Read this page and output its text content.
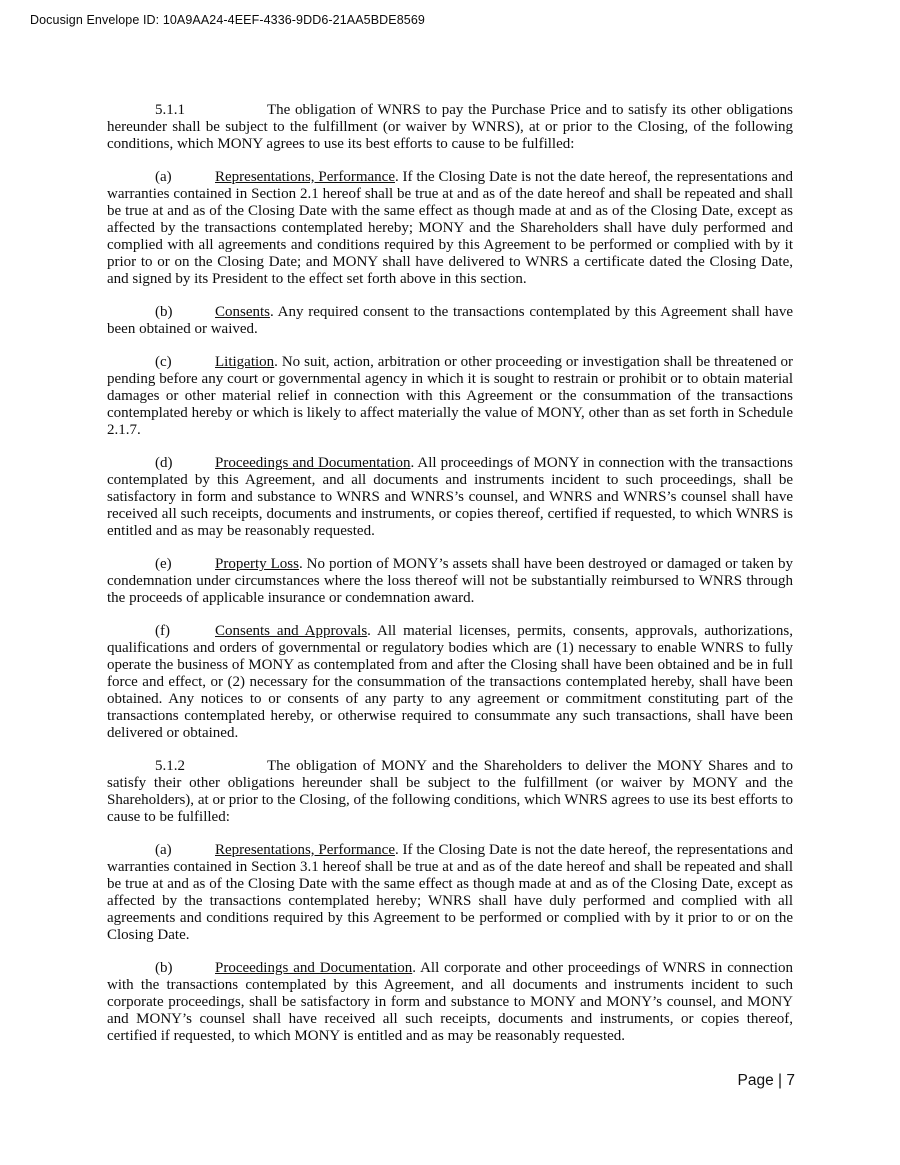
Docusign Envelope ID: 10A9AA24-4EEF-4336-9DD6-21AA5BDE8569

5.1.1	The obligation of WNRS to pay the Purchase Price and to satisfy its other obligations hereunder shall be subject to the fulfillment (or waiver by WNRS), at or prior to the Closing, of the following conditions, which MONY agrees to use its best efforts to cause to be fulfilled:

(a)	Representations, Performance. If the Closing Date is not the date hereof, the representations and warranties contained in Section 2.1 hereof shall be true at and as of the date hereof and shall be repeated and shall be true at and as of the Closing Date with the same effect as though made at and as of the Closing Date, except as affected by the transactions contemplated hereby; MONY and the Shareholders shall have duly performed and complied with all agreements and conditions required by this Agreement to be performed or complied with by it prior to or on the Closing Date; and MONY shall have delivered to WNRS a certificate dated the Closing Date, and signed by its President to the effect set forth above in this section.

(b)	Consents. Any required consent to the transactions contemplated by this Agreement shall have been obtained or waived.

(c)	Litigation. No suit, action, arbitration or other proceeding or investigation shall be threatened or pending before any court or governmental agency in which it is sought to restrain or prohibit or to obtain material damages or other material relief in connection with this Agreement or the consummation of the transactions contemplated hereby or which is likely to affect materially the value of MONY, other than as set forth in Schedule 2.1.7.

(d)	Proceedings and Documentation. All proceedings of MONY in connection with the transactions contemplated by this Agreement, and all documents and instruments incident to such proceedings, shall be satisfactory in form and substance to WNRS and WNRS’s counsel, and WNRS and WNRS’s counsel shall have received all such receipts, documents and instruments, or copies thereof, certified if requested, to which WNRS is entitled and as may be reasonably requested.

(e)	Property Loss. No portion of MONY’s assets shall have been destroyed or damaged or taken by condemnation under circumstances where the loss thereof will not be substantially reimbursed to WNRS through the proceeds of applicable insurance or condemnation award.

(f)	Consents and Approvals. All material licenses, permits, consents, approvals, authorizations, qualifications and orders of governmental or regulatory bodies which are (1) necessary to enable WNRS to fully operate the business of MONY as contemplated from and after the Closing shall have been obtained and be in full force and effect, or (2) necessary for the consummation of the transactions contemplated hereby, shall have been obtained. Any notices to or consents of any party to any agreement or commitment constituting part of the transactions contemplated hereby, or otherwise required to consummate any such transactions, shall have been delivered or obtained.

5.1.2	The obligation of MONY and the Shareholders to deliver the MONY Shares and to satisfy their other obligations hereunder shall be subject to the fulfillment (or waiver by MONY and the Shareholders), at or prior to the Closing, of the following conditions, which WNRS agrees to use its best efforts to cause to be fulfilled:

(a)	Representations, Performance. If the Closing Date is not the date hereof, the representations and warranties contained in Section 3.1 hereof shall be true at and as of the date hereof and shall be repeated and shall be true at and as of the Closing Date with the same effect as though made at and as of the Closing Date, except as affected by the transactions contemplated hereby; WNRS shall have duly performed and complied with all agreements and conditions required by this Agreement to be performed or complied with by it prior to or on the Closing Date.

(b)	Proceedings and Documentation. All corporate and other proceedings of WNRS in connection with the transactions contemplated by this Agreement, and all documents and instruments incident to such corporate proceedings, shall be satisfactory in form and substance to MONY and MONY’s counsel, and MONY and MONY’s counsel shall have received all such receipts, documents and instruments, or copies thereof, certified if requested, to which MONY is entitled and as may be reasonably requested.

Page | 7
